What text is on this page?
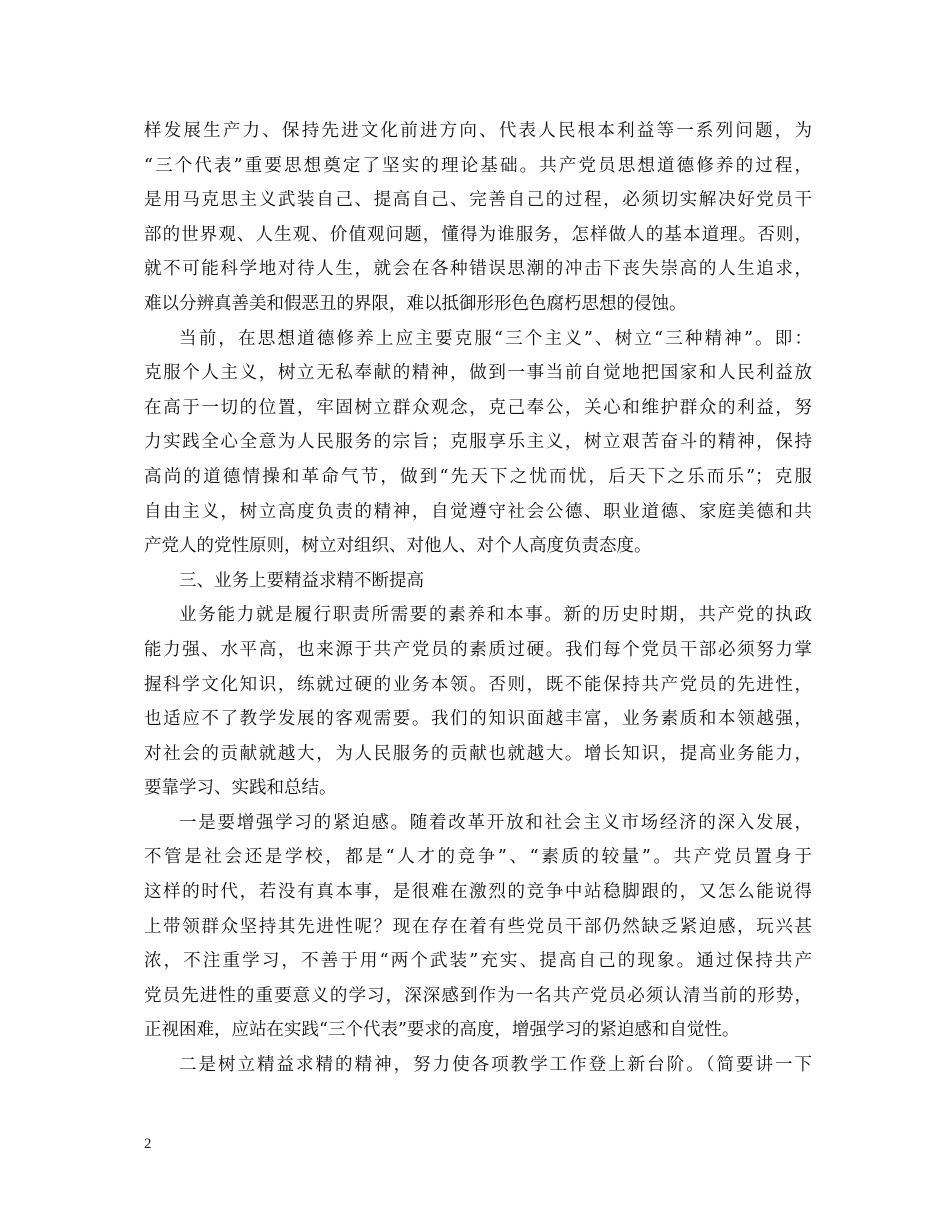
样发展生产力、保持先进文化前进方向、代表人民根本利益等一系列问题，为
“三个代表”重要思想奠定了坚实的理论基础。共产党员思想道德修养的过程，
是用马克思主义武装自己、提高自己、完善自己的过程，必须切实解决好党员干
部的世界观、人生观、价值观问题，懂得为谁服务，怎样做人的基本道理。否则，
就不可能科学地对待人生，就会在各种错误思潮的冲击下丧失崇高的人生追求，
难以分辨真善美和假恶丑的界限，难以抵御形形色色腐朽思想的侵蚀。
当前，在思想道德修养上应主要克服“三个主义”、树立“三种精神”。即：
克服个人主义，树立无私奉献的精神，做到一事当前自觉地把国家和人民利益放
在高于一切的位置，牢固树立群众观念，克己奉公，关心和维护群众的利益，努
力实践全心全意为人民服务的宗旨；克服享乐主义，树立艰苦奋斗的精神，保持
高尚的道德情操和革命气节，做到“先天下之忧而忧，后天下之乐而乐”；克服
自由主义，树立高度负责的精神，自觉遵守社会公德、职业道德、家庭美德和共
产党人的党性原则，树立对组织、对他人、对个人高度负责态度。
三、业务上要精益求精不断提高
业务能力就是履行职责所需要的素养和本事。新的历史时期，共产党的执政
能力强、水平高，也来源于共产党员的素质过硬。我们每个党员干部必须努力掌
握科学文化知识，练就过硬的业务本领。否则，既不能保持共产党员的先进性，
也适应不了教学发展的客观需要。我们的知识面越丰富，业务素质和本领越强，
对社会的贡献就越大，为人民服务的贡献也就越大。增长知识，提高业务能力，
要靠学习、实践和总结。
一是要增强学习的紧迫感。随着改革开放和社会主义市场经济的深入发展，
不管是社会还是学校，都是“人才的竞争”、“素质的较量”。共产党员置身于
这样的时代，若没有真本事，是很难在激烈的竞争中站稳脚跟的，又怎么能说得
上带领群众坚持其先进性呢？现在存在着有些党员干部仍然缺乏紧迫感，玩兴甚
浓，不注重学习，不善于用“两个武装”充实、提高自己的现象。通过保持共产
党员先进性的重要意义的学习，深深感到作为一名共产党员必须认清当前的形势，
正视困难，应站在实践“三个代表”要求的高度，增强学习的紧迫感和自觉性。
二是树立精益求精的精神，努力使各项教学工作登上新台阶。（简要讲一下
2
